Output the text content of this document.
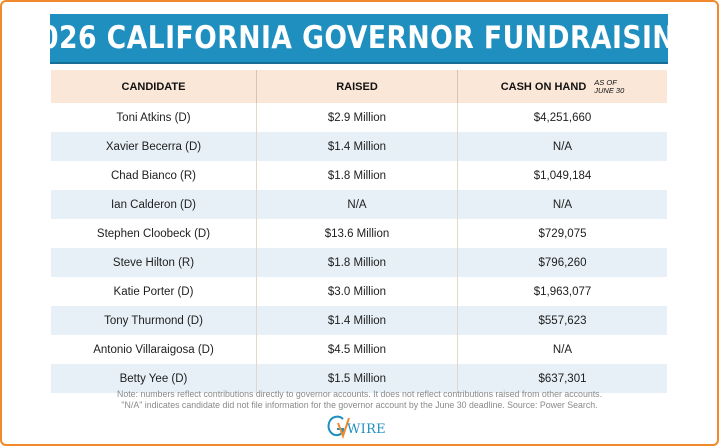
2026 CALIFORNIA GOVERNOR FUNDRAISING
CANDIDATE	RAISED	CASH ON HAND AS OF
JUNE 30
Toni Atkins (D)	$2.9 Million	$4,251,660
Xavier Becerra (D)	$1.4 Million	N/A
Chad Bianco (R)	$1.8 Million	$1,049,184
Ian Calderon (D)	N/A	N/A
Stephen Cloobeck (D)	$13.6 Million	$729,075
Steve Hilton (R)	$1.8 Million	$796,260
Katie Porter (D)	$3.0 Million	$1,963,077
Tony Thurmond (D)	$1.4 Million	$557,623
Antonio Villaraigosa (D)	$4.5 Million	N/A
Betty Yee (D)	$1.5 Million	$637,301
Note: numbers reflect contributions directly to governor accounts. It does not reflect contributions raised from other accounts.
"N/A" indicates candidate did not file information for the governor account by the June 30 deadline. Source: Power Search.
WIRE
